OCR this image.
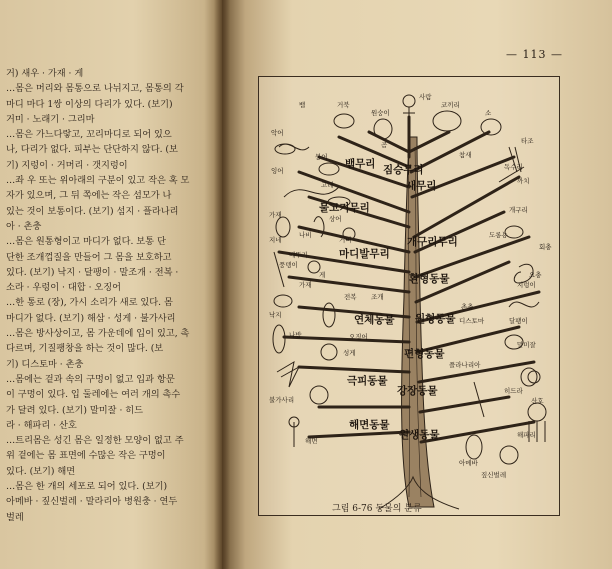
거) 새우 · 가재 · 게
…몸은 머리와 몸통으로 나뉘지고, 몸통의 각
마디 마다 1쌍 이상의 다리가 있다. (보기)
거미 · 노래기 · 그리마
…몸은 가느다랗고, 꼬리마디로 되어 있으
나, 다리가 없다. 피부는 단단하지 않다. (보
기) 지렁이 · 거머리 · 갯지렁이
…좌 우 또는 위아래의 구분이 있고 작은 혹 모
자가 있으며, 그 뒤 쪽에는 작은 섬모가 나
있는 것이 보통이다. (보기) 섬지 · 플라나리
아 · 촌충
…몸은 원통형이고 마디가 없다. 보통 단
단한 조개껍질을 만들어 그 몸을 보호하고
있다. (보기) 낙지 · 달팽이 · 말조개 · 전복 ·
소라 · 우렁이 · 대합 · 오징어
…한 통로 (장), 가시 소리가 새로 있다. 몸
마디가 없다. (보기) 해삼 · 성게 · 불가사리
…몸은 방사상이고, 몸 가운데에 입이 있고, 촉
다르며, 기질팽창을 하는 것이 많다. (보
기) 디스토마 · 촌충
…몸에는 겉과 속의 구멍이 없고 입과 항문
이 구멍이 있다. 입 둘레에는 여러 개의 촉수
가 달려 있다. (보기) 말미잘 · 히드
라 · 해파리 · 산호
…트리몸은 성긴 몸은 일정한 모양이 없고 주
위 겉에는 몸 표면에 수많은 작은 구멍이
있다. (보기) 해면
…몸은 한 개의 세포로 되어 있다. (보기)
아메바 · 짚신벌레 · 말라리아 병원충 · 연두
벌레
— 113 —
짐승무리
새무리
뱀무리
물고기무리
개구리무리
마디발무리
환형동물
연체동물 원형동물
편형동물
극피동물
강장동물
해면동물
원생동물
사람
거북
원숭이
코끼리
악어
소
곰	타조
뱀
참새
독수리
까치
붕어
잉어
고래
상어
거미
가재
가재
게
메뚜기
지네
나비
개구리
도롱뇽
지렁이
회충
낙지
전복 조개
요충
촌충
달팽이
성게
불가사리
해면
아메바
히드라
말미잘
해파리
짚신벌레
오징어
나방
풍뎅이
디스토마
플라나리아
산호
그림 6-76 동물의 분류
